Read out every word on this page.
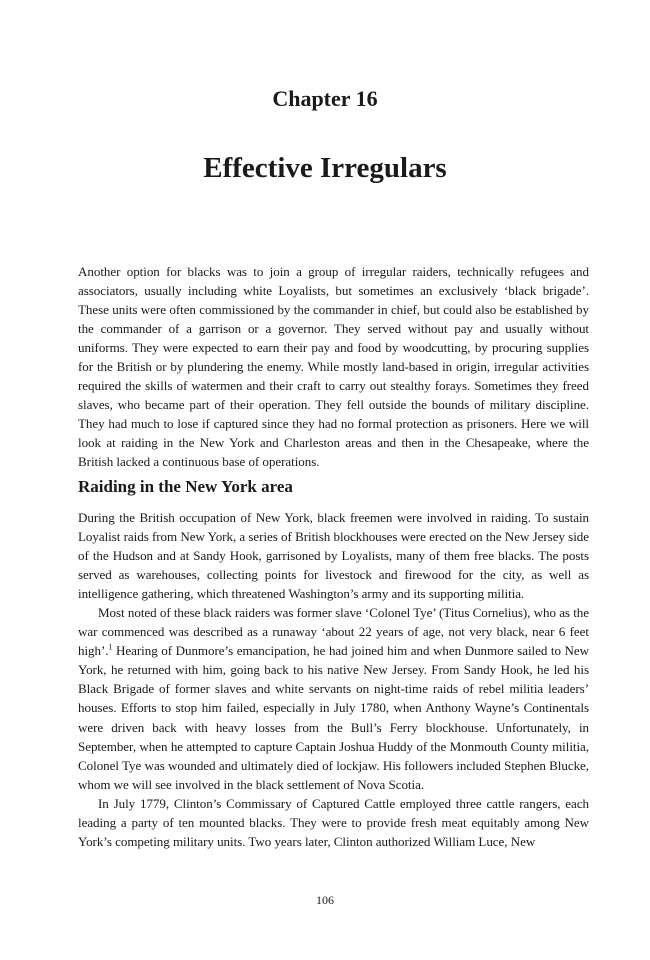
Chapter 16
Effective Irregulars

Another option for blacks was to join a group of irregular raiders, technically refugees and associators, usually including white Loyalists, but sometimes an exclusively ‘black brigade’. These units were often commissioned by the commander in chief, but could also be established by the commander of a garrison or a governor. They served without pay and usually without uniforms. They were expected to earn their pay and food by woodcutting, by procuring supplies for the British or by plundering the enemy. While mostly land-based in origin, irregular activities required the skills of watermen and their craft to carry out stealthy forays. Sometimes they freed slaves, who became part of their operation. They fell outside the bounds of military discipline. They had much to lose if captured since they had no formal protection as prisoners. Here we will look at raiding in the New York and Charleston areas and then in the Chesapeake, where the British lacked a continuous base of operations.

Raiding in the New York area

During the British occupation of New York, black freemen were involved in raiding. To sustain Loyalist raids from New York, a series of British blockhouses were erected on the New Jersey side of the Hudson and at Sandy Hook, garrisoned by Loyalists, many of them free blacks. The posts served as warehouses, collecting points for livestock and firewood for the city, as well as intelligence gathering, which threatened Washington’s army and its supporting militia.

Most noted of these black raiders was former slave ‘Colonel Tye’ (Titus Cornelius), who as the war commenced was described as a runaway ‘about 22 years of age, not very black, near 6 feet high’.$^1$ Hearing of Dunmore’s emancipation, he had joined him and when Dunmore sailed to New York, he returned with him, going back to his native New Jersey. From Sandy Hook, he led his Black Brigade of former slaves and white servants on night-time raids of rebel militia leaders’ houses. Efforts to stop him failed, especially in July 1780, when Anthony Wayne’s Continentals were driven back with heavy losses from the Bull’s Ferry blockhouse. Unfortunately, in September, when he attempted to capture Captain Joshua Huddy of the Monmouth County militia, Colonel Tye was wounded and ultimately died of lockjaw. His followers included Stephen Blucke, whom we will see involved in the black settlement of Nova Scotia.

In July 1779, Clinton’s Commissary of Captured Cattle employed three cattle rangers, each leading a party of ten mounted blacks. They were to provide fresh meat equitably among New York’s competing military units. Two years later, Clinton authorized William Luce, New

106
